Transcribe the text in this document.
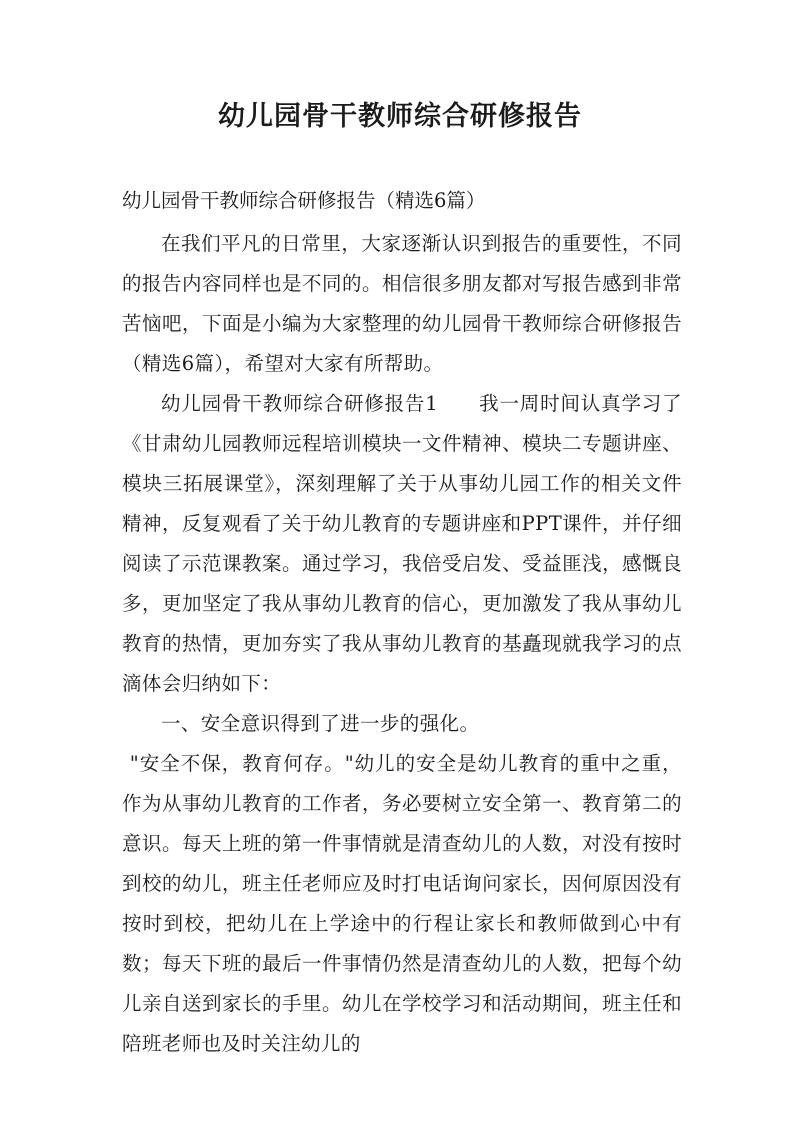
幼儿园骨干教师综合研修报告

幼儿园骨干教师综合研修报告（精选6篇）

在我们平凡的日常里，大家逐渐认识到报告的重要性，不同的报告内容同样也是不同的。相信很多朋友都对写报告感到非常苦恼吧，下面是小编为大家整理的幼儿园骨干教师综合研修报告（精选6篇），希望对大家有所帮助。

幼儿园骨干教师综合研修报告1　　我一周时间认真学习了《甘肃幼儿园教师远程培训模块一文件精神、模块二专题讲座、模块三拓展课堂》，深刻理解了关于从事幼儿园工作的相关文件精神，反复观看了关于幼儿教育的专题讲座和PPT课件，并仔细阅读了示范课教案。通过学习，我倍受启发、受益匪浅，感慨良多，更加坚定了我从事幼儿教育的信心，更加激发了我从事幼儿教育的热情，更加夯实了我从事幼儿教育的基矗现就我学习的点滴体会归纳如下：

一、安全意识得到了进一步的强化。

"安全不保，教育何存。"幼儿的安全是幼儿教育的重中之重，作为从事幼儿教育的工作者，务必要树立安全第一、教育第二的意识。每天上班的第一件事情就是清查幼儿的人数，对没有按时到校的幼儿，班主任老师应及时打电话询问家长，因何原因没有按时到校，把幼儿在上学途中的行程让家长和教师做到心中有数；每天下班的最后一件事情仍然是清查幼儿的人数，把每个幼儿亲自送到家长的手里。幼儿在学校学习和活动期间，班主任和陪班老师也及时关注幼儿的
